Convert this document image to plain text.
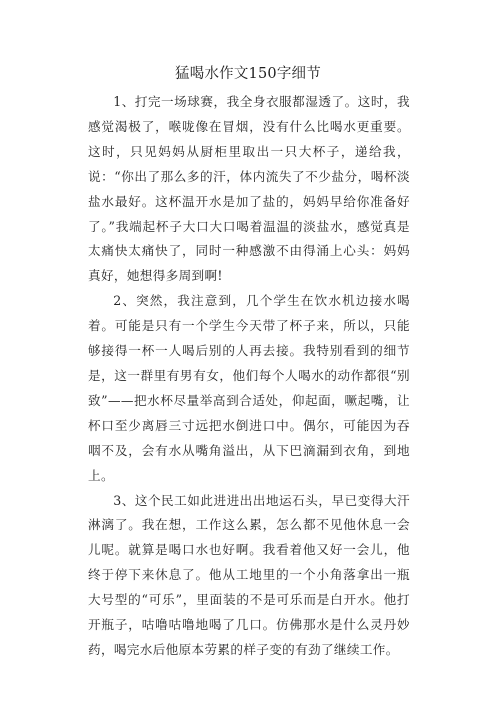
猛喝水作文150字细节

1、打完一场球赛，我全身衣服都湿透了。这时，我感觉渴极了，喉咙像在冒烟，没有什么比喝水更重要。这时，只见妈妈从厨柜里取出一只大杯子，递给我，说：“你出了那么多的汗，体内流失了不少盐分，喝杯淡盐水最好。这杯温开水是加了盐的，妈妈早给你准备好了。”我端起杯子大口大口喝着温温的淡盐水，感觉真是太痛快太痛快了，同时一种感激不由得涌上心头：妈妈真好，她想得多周到啊!

2、突然，我注意到，几个学生在饮水机边接水喝着。可能是只有一个学生今天带了杯子来，所以，只能够接得一杯一人喝后别的人再去接。我特别看到的细节是，这一群里有男有女，他们每个人喝水的动作都很“别致”——把水杯尽量举高到合适处，仰起面，噘起嘴，让杯口至少离唇三寸远把水倒进口中。偶尔，可能因为吞咽不及，会有水从嘴角溢出，从下巴滴漏到衣角，到地上。

3、这个民工如此进进出出地运石头，早已变得大汗淋漓了。我在想，工作这么累，怎么都不见他休息一会儿呢。就算是喝口水也好啊。我看着他又好一会儿，他终于停下来休息了。他从工地里的一个小角落拿出一瓶大号型的“可乐”，里面装的不是可乐而是白开水。他打开瓶子，咕噜咕噜地喝了几口。仿佛那水是什么灵丹妙药，喝完水后他原本劳累的样子变的有劲了继续工作。
